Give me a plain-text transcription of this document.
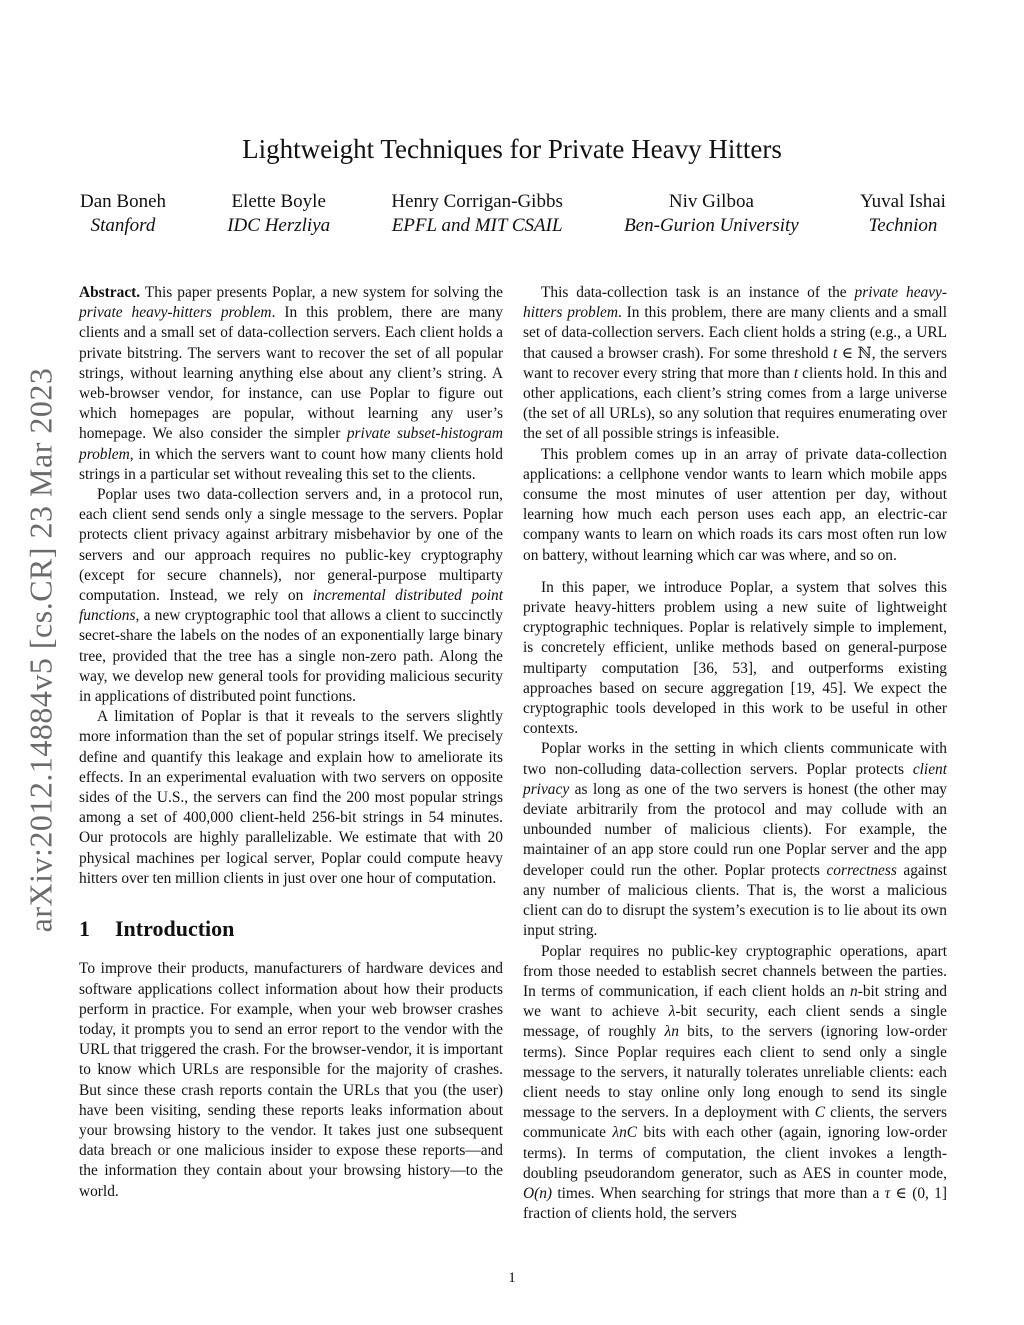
arXiv:2012.14884v5 [cs.CR] 23 Mar 2023
Lightweight Techniques for Private Heavy Hitters
Dan Boneh
Stanford
Elette Boyle
IDC Herzliya
Henry Corrigan-Gibbs
EPFL and MIT CSAIL
Niv Gilboa
Ben-Gurion University
Yuval Ishai
Technion

Abstract. This paper presents Poplar, a new system for solving the private heavy-hitters problem. In this problem, there are many clients and a small set of data-collection servers. Each client holds a private bitstring. The servers want to recover the set of all popular strings, without learning anything else about any client’s string. A web-browser vendor, for instance, can use Poplar to figure out which homepages are popular, without learning any user’s homepage. We also consider the simpler private subset-histogram problem, in which the servers want to count how many clients hold strings in a particular set without revealing this set to the clients.

Poplar uses two data-collection servers and, in a protocol run, each client send sends only a single message to the servers. Poplar protects client privacy against arbitrary misbehavior by one of the servers and our approach requires no public-key cryptography (except for secure channels), nor general-purpose multiparty computation. Instead, we rely on incremental distributed point functions, a new cryptographic tool that allows a client to succinctly secret-share the labels on the nodes of an exponentially large binary tree, provided that the tree has a single non-zero path. Along the way, we develop new general tools for providing malicious security in applications of distributed point functions.

A limitation of Poplar is that it reveals to the servers slightly more information than the set of popular strings itself. We precisely define and quantify this leakage and explain how to ameliorate its effects. In an experimental evaluation with two servers on opposite sides of the U.S., the servers can find the 200 most popular strings among a set of 400,000 client-held 256-bit strings in 54 minutes. Our protocols are highly parallelizable. We estimate that with 20 physical machines per logical server, Poplar could compute heavy hitters over ten million clients in just over one hour of computation.

1 Introduction

To improve their products, manufacturers of hardware devices and software applications collect information about how their products perform in practice. For example, when your web browser crashes today, it prompts you to send an error report to the vendor with the URL that triggered the crash. For the browser-vendor, it is important to know which URLs are responsible for the majority of crashes. But since these crash reports contain the URLs that you (the user) have been visiting, sending these reports leaks information about your browsing history to the vendor. It takes just one subsequent data breach or one malicious insider to expose these reports—and the information they contain about your browsing history—to the world.

This data-collection task is an instance of the private heavy-hitters problem. In this problem, there are many clients and a small set of data-collection servers. Each client holds a string (e.g., a URL that caused a browser crash). For some threshold t ∈ ℕ, the servers want to recover every string that more than t clients hold. In this and other applications, each client’s string comes from a large universe (the set of all URLs), so any solution that requires enumerating over the set of all possible strings is infeasible.

This problem comes up in an array of private data-collection applications: a cellphone vendor wants to learn which mobile apps consume the most minutes of user attention per day, without learning how much each person uses each app, an electric-car company wants to learn on which roads its cars most often run low on battery, without learning which car was where, and so on.

In this paper, we introduce Poplar, a system that solves this private heavy-hitters problem using a new suite of lightweight cryptographic techniques. Poplar is relatively simple to implement, is concretely efficient, unlike methods based on general-purpose multiparty computation [36, 53], and outperforms existing approaches based on secure aggregation [19, 45]. We expect the cryptographic tools developed in this work to be useful in other contexts.

Poplar works in the setting in which clients communicate with two non-colluding data-collection servers. Poplar protects client privacy as long as one of the two servers is honest (the other may deviate arbitrarily from the protocol and may collude with an unbounded number of malicious clients). For example, the maintainer of an app store could run one Poplar server and the app developer could run the other. Poplar protects correctness against any number of malicious clients. That is, the worst a malicious client can do to disrupt the system’s execution is to lie about its own input string.

Poplar requires no public-key cryptographic operations, apart from those needed to establish secret channels between the parties. In terms of communication, if each client holds an n-bit string and we want to achieve λ-bit security, each client sends a single message, of roughly λn bits, to the servers (ignoring low-order terms). Since Poplar requires each client to send only a single message to the servers, it naturally tolerates unreliable clients: each client needs to stay online only long enough to send its single message to the servers. In a deployment with C clients, the servers communicate λnC bits with each other (again, ignoring low-order terms). In terms of computation, the client invokes a length-doubling pseudorandom generator, such as AES in counter mode, O(n) times. When searching for strings that more than a τ ∈ (0, 1] fraction of clients hold, the servers

1
